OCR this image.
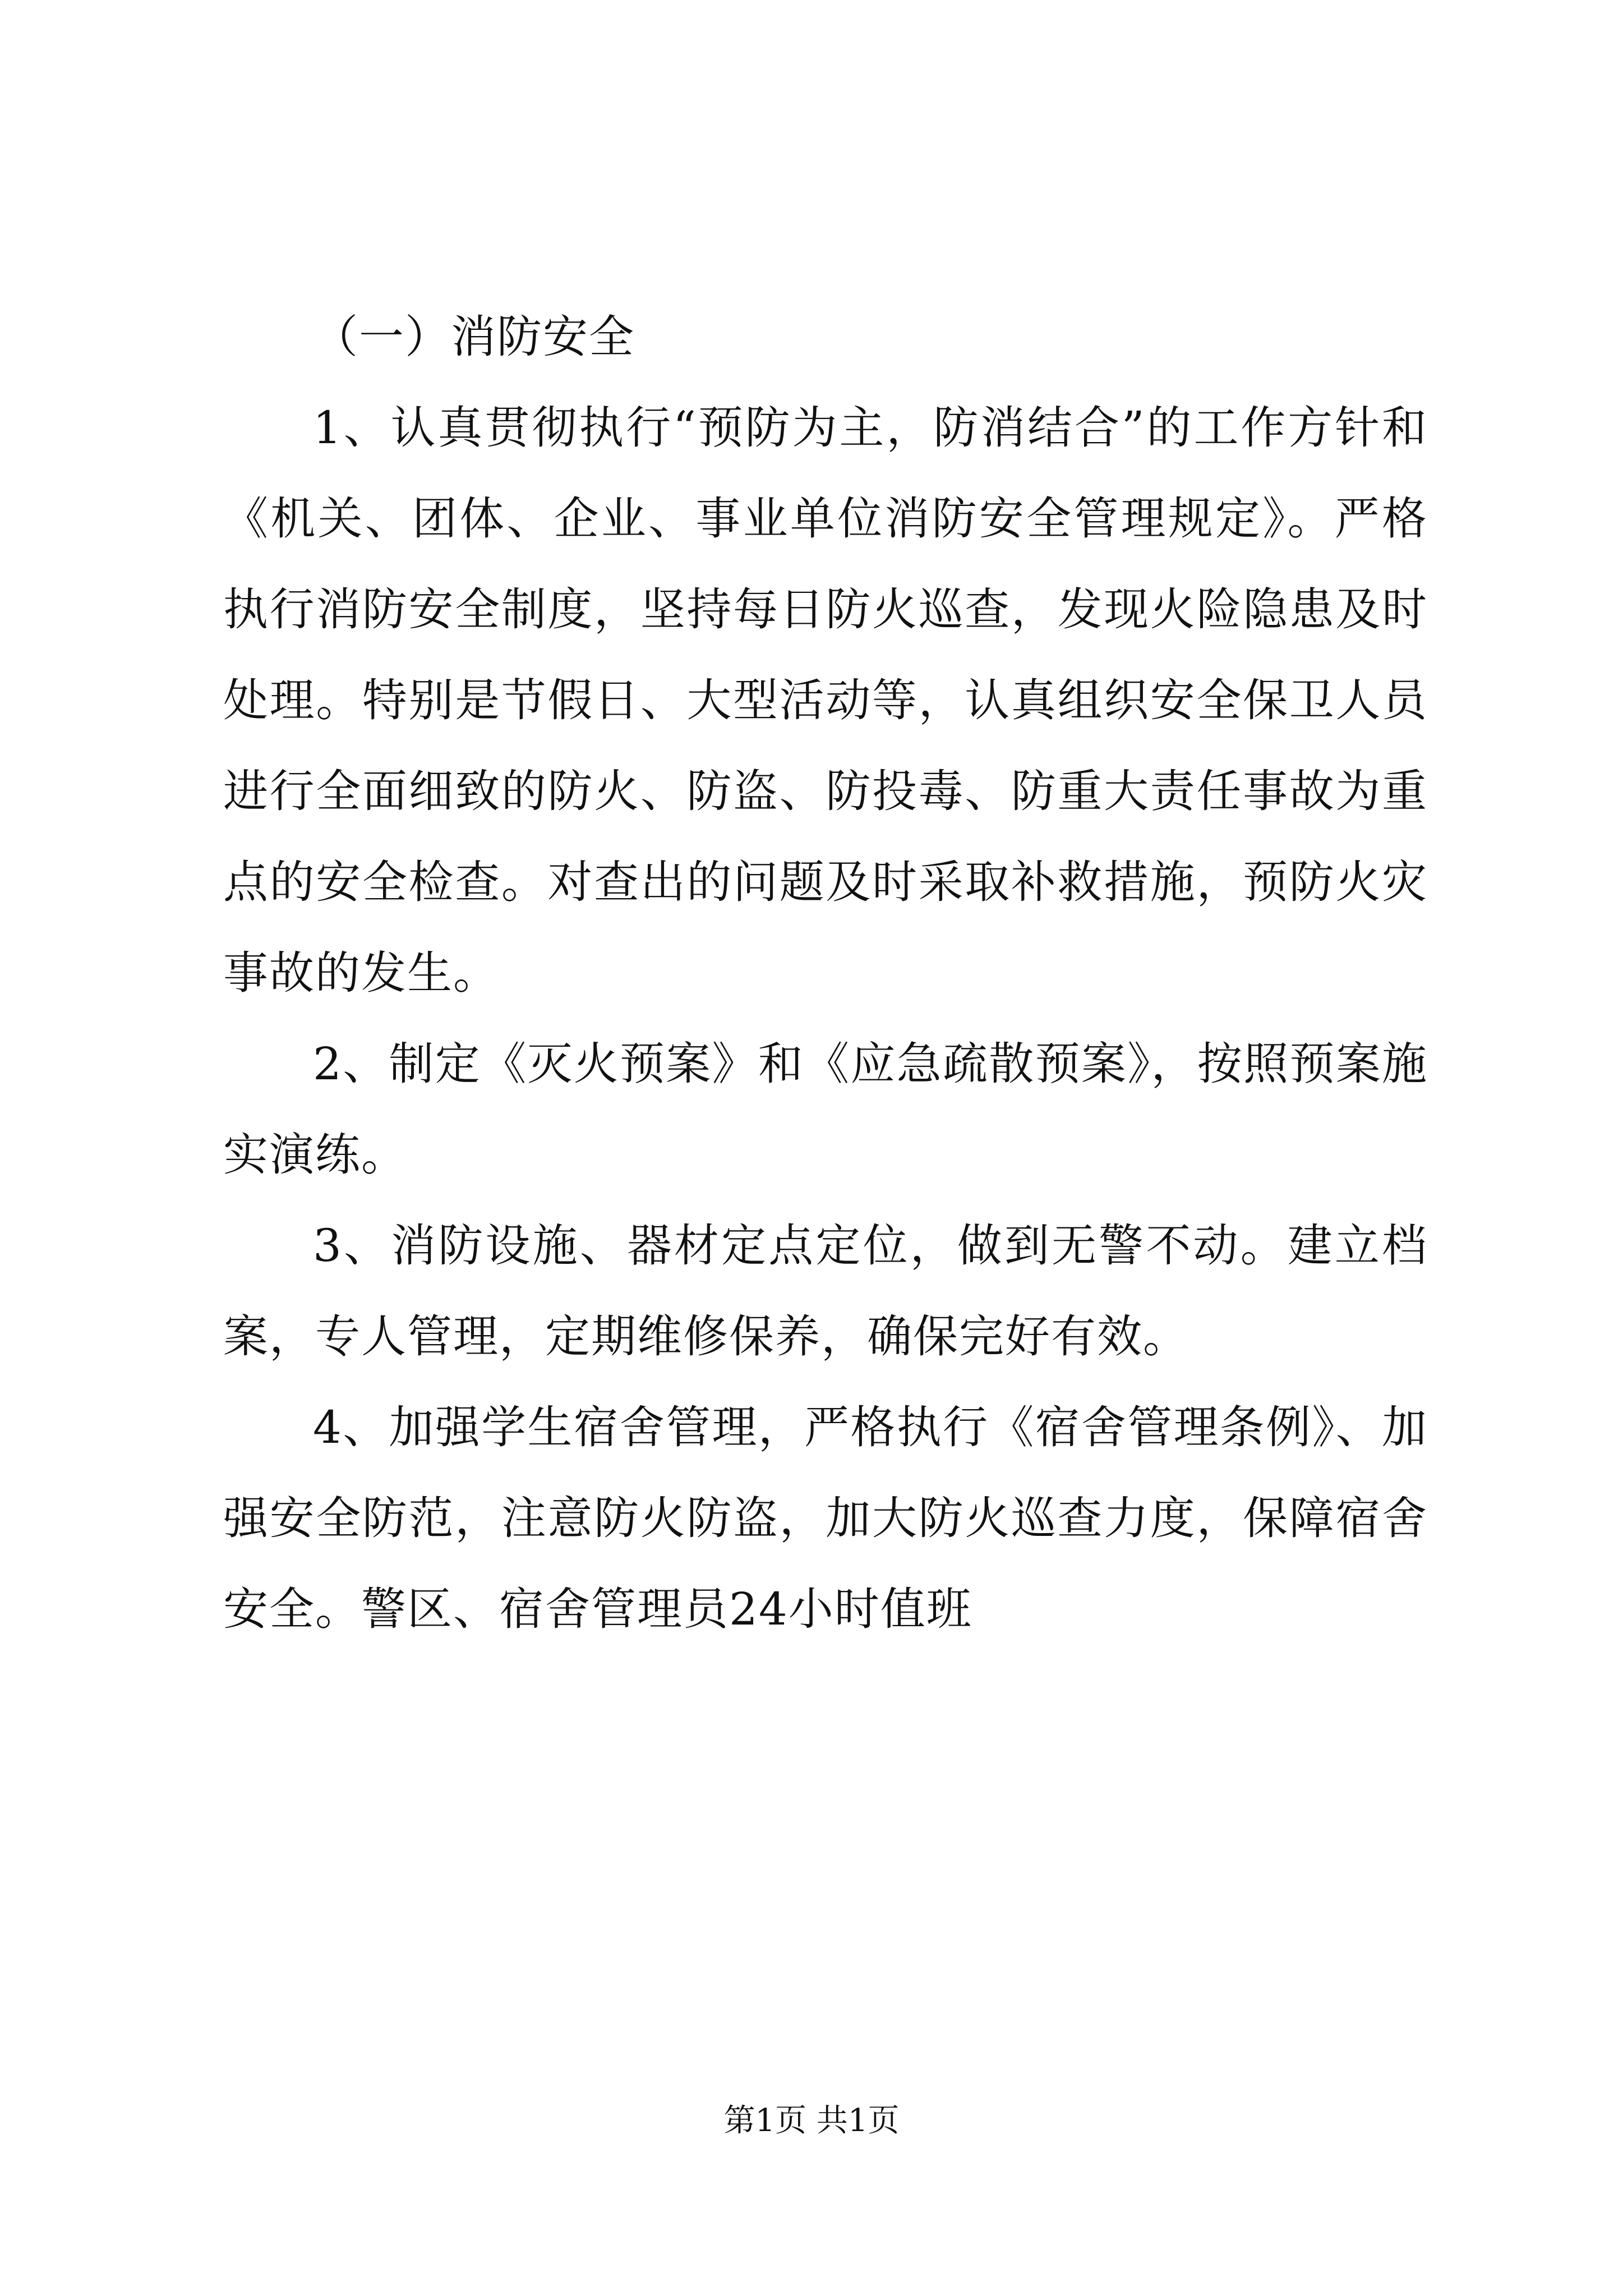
（一）消防安全

1、认真贯彻执行“预防为主，防消结合”的工作方针和《机关、团体、企业、事业单位消防安全管理规定》。严格执行消防安全制度，坚持每日防火巡查，发现火险隐患及时处理。特别是节假日、大型活动等，认真组织安全保卫人员进行全面细致的防火、防盗、防投毒、防重大责任事故为重点的安全检查。对查出的问题及时采取补救措施，预防火灾事故的发生。

2、制定《灭火预案》和《应急疏散预案》，按照预案施实演练。

3、消防设施、器材定点定位，做到无警不动。建立档案，专人管理，定期维修保养，确保完好有效。

4、加强学生宿舍管理，严格执行《宿舍管理条例》、加强安全防范，注意防火防盗，加大防火巡查力度，保障宿舍安全。警区、宿舍管理员24小时值班

第1页 共1页
